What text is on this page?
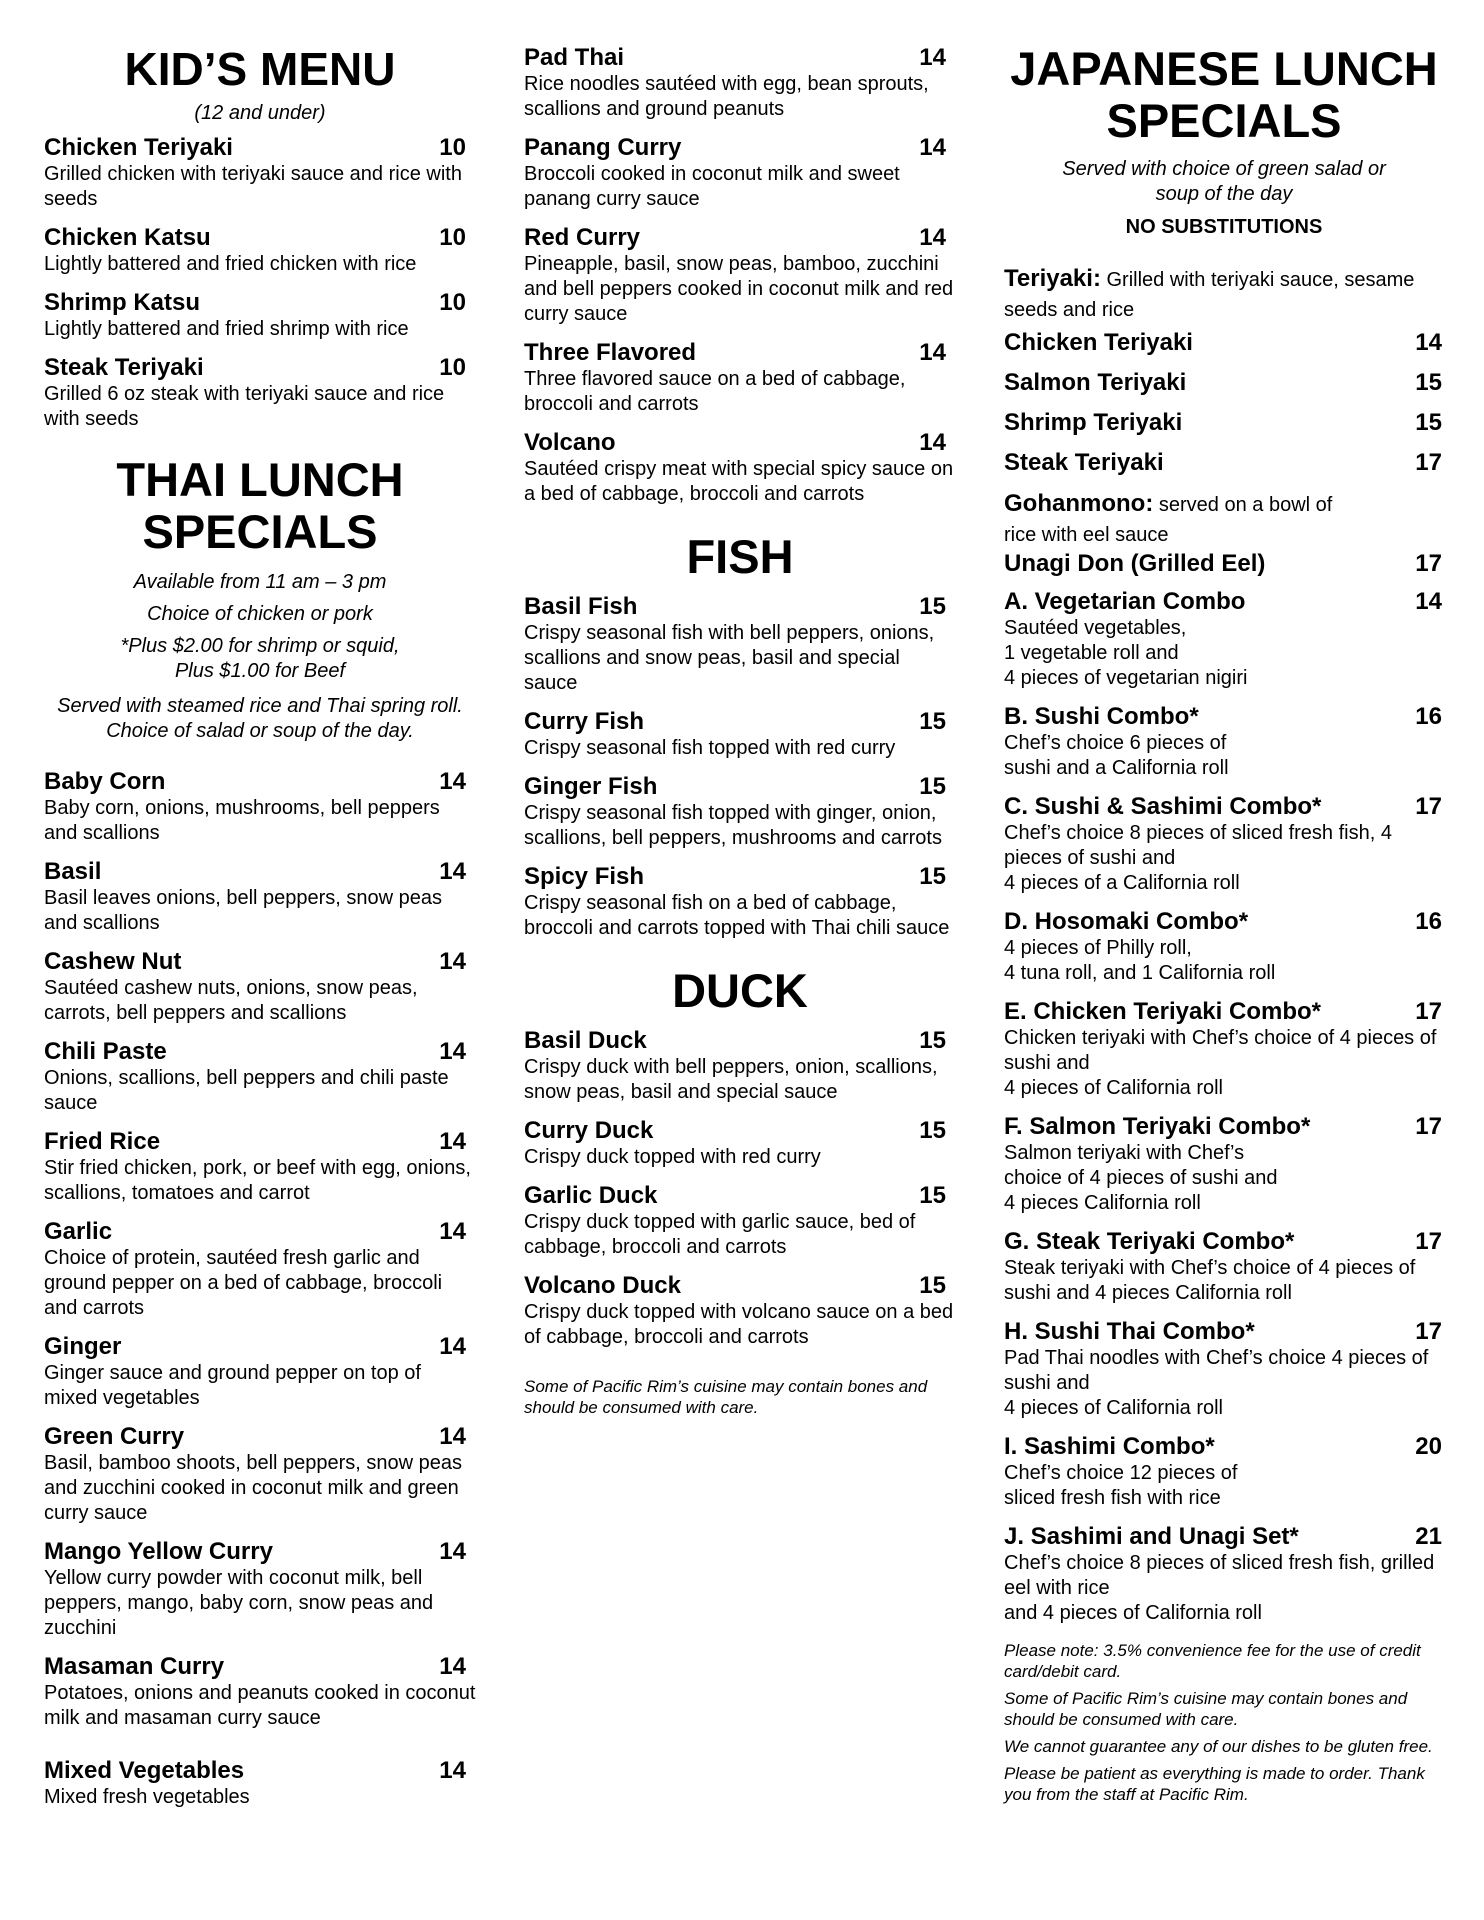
KID’S MENU

(12 and under)

Chicken Teriyaki	10
Grilled chicken with teriyaki sauce and rice with seeds
Chicken Katsu	10
Lightly battered and fried chicken with rice
Shrimp Katsu	10
Lightly battered and fried shrimp with rice
Steak Teriyaki	10
Grilled 6 oz steak with teriyaki sauce and rice with seeds
THAI LUNCH
SPECIALS

Available from 11 am – 3 pm

Choice of chicken or pork

*Plus $2.00 for shrimp or squid,
Plus $1.00 for Beef

Served with steamed rice and Thai spring roll. Choice of salad or soup of the day.

Baby Corn	14
Baby corn, onions, mushrooms, bell peppers and scallions
Basil	14
Basil leaves onions, bell peppers, snow peas and scallions
Cashew Nut	14
Sautéed cashew nuts, onions, snow peas, carrots, bell peppers and scallions
Chili Paste	14
Onions, scallions, bell peppers and chili paste sauce
Fried Rice	14
Stir fried chicken, pork, or beef with egg, onions, scallions, tomatoes and carrot
Garlic	14
Choice of protein, sautéed fresh garlic and ground pepper on a bed of cabbage, broccoli and carrots
Ginger	14
Ginger sauce and ground pepper on top of mixed vegetables
Green Curry	14
Basil, bamboo shoots, bell peppers, snow peas and zucchini cooked in coconut milk and green curry sauce
Mango Yellow Curry	14
Yellow curry powder with coconut milk, bell peppers, mango, baby corn, snow peas and zucchini
Masaman Curry	14
Potatoes, onions and peanuts cooked in coconut milk and masaman curry sauce
Mixed Vegetables	14
Mixed fresh vegetables
Pad Thai	14
Rice noodles sautéed with egg, bean sprouts, scallions and ground peanuts
Panang Curry	14
Broccoli cooked in coconut milk and sweet panang curry sauce
Red Curry	14
Pineapple, basil, snow peas, bamboo, zucchini and bell peppers cooked in coconut milk and red curry sauce
Three Flavored	14
Three flavored sauce on a bed of cabbage, broccoli and carrots
Volcano	14
Sautéed crispy meat with special spicy sauce on a bed of cabbage, broccoli and carrots
FISH
Basil Fish	15
Crispy seasonal fish with bell peppers, onions, scallions and snow peas, basil and special sauce
Curry Fish	15
Crispy seasonal fish topped with red curry
Ginger Fish	15
Crispy seasonal fish topped with ginger, onion, scallions, bell peppers, mushrooms and carrots
Spicy Fish	15
Crispy seasonal fish on a bed of cabbage, broccoli and carrots topped with Thai chili sauce
DUCK
Basil Duck	15
Crispy duck with bell peppers, onion, scallions, snow peas, basil and special sauce
Curry Duck	15
Crispy duck topped with red curry
Garlic Duck	15
Crispy duck topped with garlic sauce, bed of cabbage, broccoli and carrots
Volcano Duck	15
Crispy duck topped with volcano sauce on a bed of cabbage, broccoli and carrots

Some of Pacific Rim’s cuisine may contain bones and should be consumed with care.

JAPANESE LUNCH
SPECIALS

Served with choice of green salad or soup of the day

NO SUBSTITUTIONS

Teriyaki: Grilled with teriyaki sauce, sesame seeds and rice
Chicken Teriyaki	14
Salmon Teriyaki	15
Shrimp Teriyaki	15
Steak Teriyaki	17
Gohanmono: served on a bowl of rice with eel sauce
Unagi Don (Grilled Eel)	17
A. Vegetarian Combo	14
Sautéed vegetables,
1 vegetable roll and
4 pieces of vegetarian nigiri
B. Sushi Combo*	16
Chef’s choice 6 pieces of
sushi and a California roll
C. Sushi & Sashimi Combo*	17
Chef’s choice 8 pieces of sliced fresh fish, 4 pieces of sushi and
4 pieces of a California roll
D. Hosomaki Combo*	16
4 pieces of Philly roll,
4 tuna roll, and 1 California roll
E. Chicken Teriyaki Combo*	17
Chicken teriyaki with Chef’s choice of 4 pieces of sushi and
4 pieces of California roll
F. Salmon Teriyaki Combo*	17
Salmon teriyaki with Chef’s
choice of 4 pieces of sushi and
4 pieces California roll
G. Steak Teriyaki Combo*	17
Steak teriyaki with Chef’s choice of 4 pieces of sushi and 4 pieces California roll
H. Sushi Thai Combo*	17
Pad Thai noodles with Chef’s choice 4 pieces of sushi and
4 pieces of California roll
I. Sashimi Combo*	20
Chef’s choice 12 pieces of
sliced fresh fish with rice
J. Sashimi and Unagi Set*	21
Chef’s choice 8 pieces of sliced fresh fish, grilled eel with rice
and 4 pieces of California roll

Please note: 3.5% convenience fee for the use of credit card/debit card.

Some of Pacific Rim’s cuisine may contain bones and should be consumed with care.

We cannot guarantee any of our dishes to be gluten free.

Please be patient as everything is made to order. Thank you from the staff at Pacific Rim.
